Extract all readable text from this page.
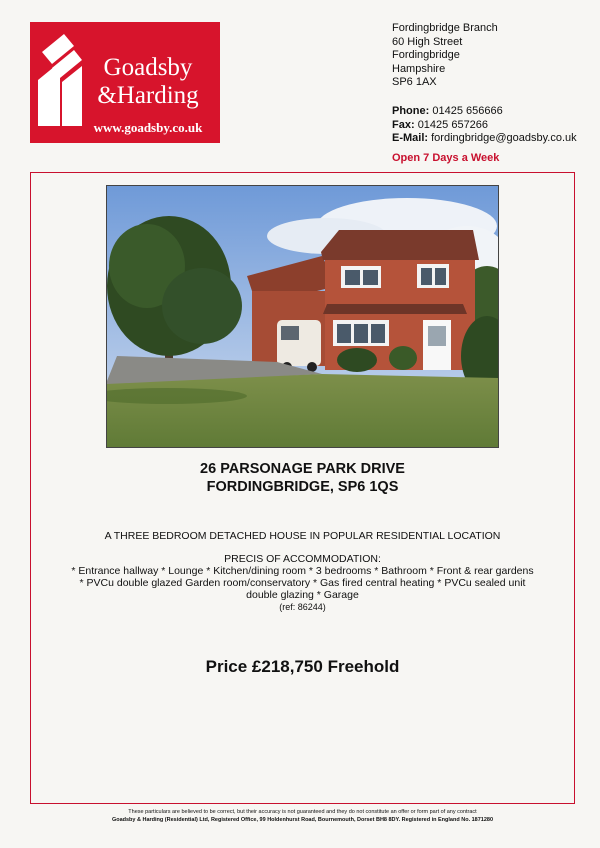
Goadsby
&Harding
www.goadsby.co.uk
Fordingbridge Branch
60 High Street
Fordingbridge
Hampshire
SP6 1AX
Phone: 01425 656666
Fax: 01425 657266
E-Mail: fordingbridge@goadsby.co.uk
Open 7 Days a Week
26 PARSONAGE PARK DRIVE
FORDINGBRIDGE, SP6 1QS
A THREE BEDROOM DETACHED HOUSE IN POPULAR RESIDENTIAL LOCATION
PRECIS OF ACCOMMODATION:
* Entrance hallway * Lounge * Kitchen/dining room * 3 bedrooms * Bathroom * Front & rear gardens
* PVCu double glazed Garden room/conservatory * Gas fired central heating * PVCu sealed unit
double glazing * Garage
(ref: 86244)
Price £218,750 Freehold
These particulars are believed to be correct, but their accuracy is not guaranteed and they do not constitute an offer or form part of any contract
Goadsby & Harding (Residential) Ltd, Registered Office, 99 Holdenhurst Road, Bournemouth, Dorset BH8 8DY. Registered in England No. 1871280
